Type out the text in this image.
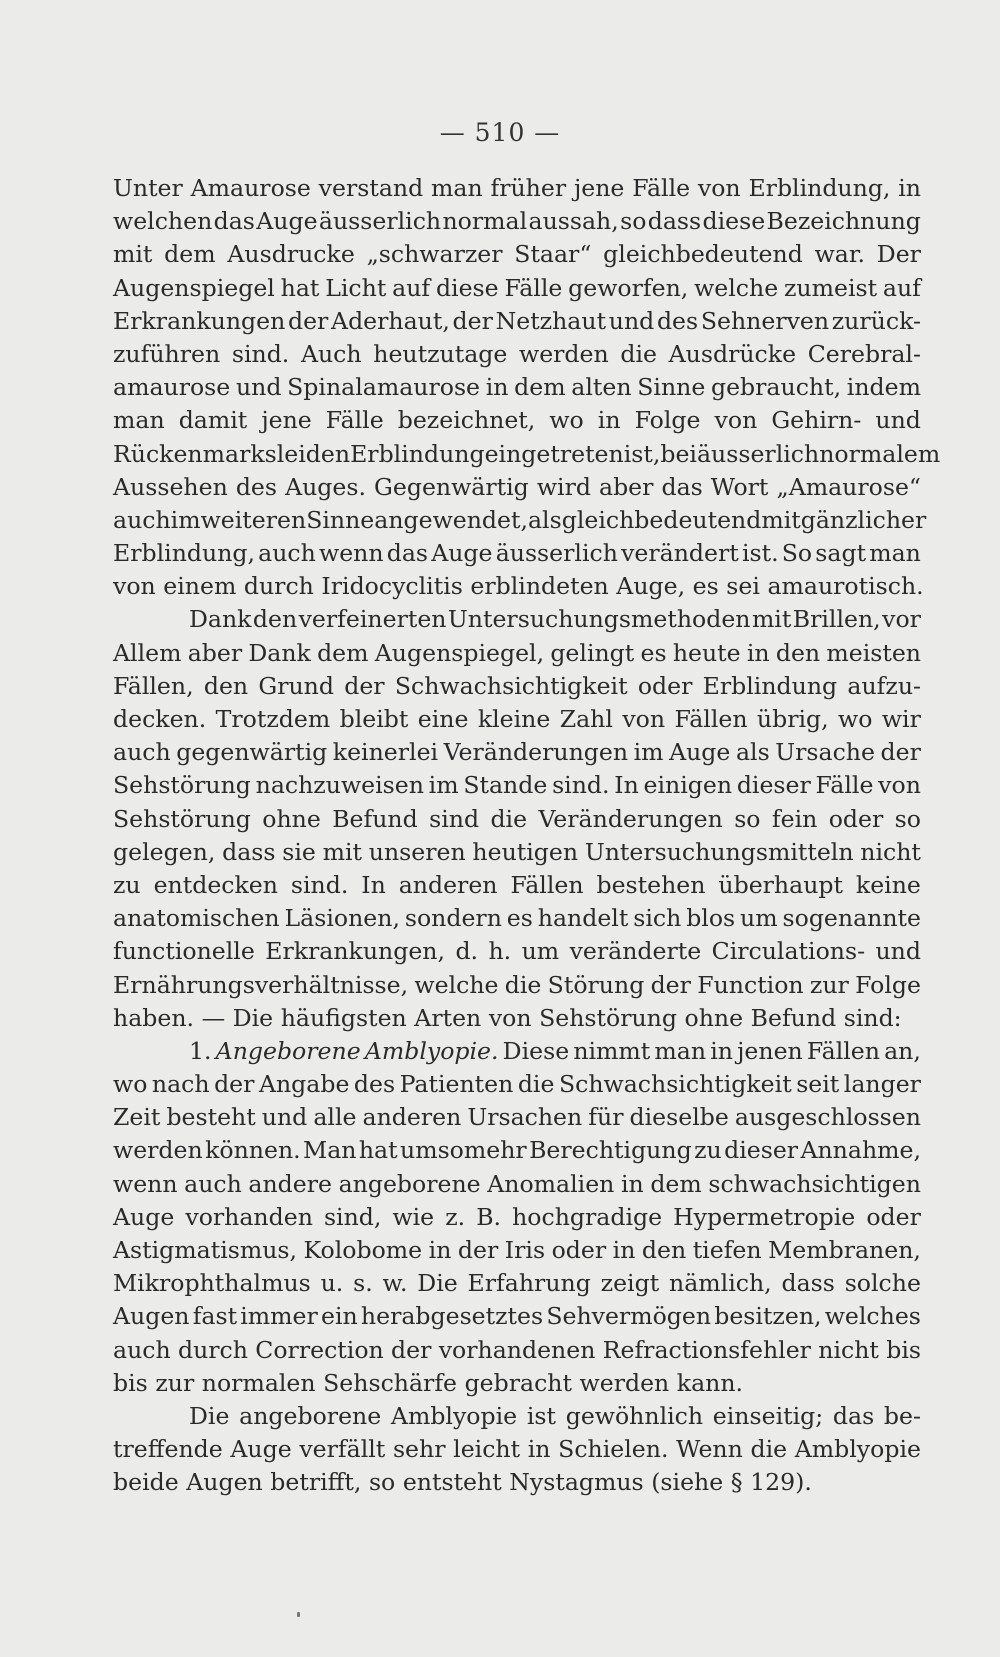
— 510 —
Unter Amaurose verstand man früher jene Fälle von Erblindung, in
welchen das Auge äusserlich normal aussah, so dass diese Bezeichnung
mit dem Ausdrucke „schwarzer Staar“ gleichbedeutend war. Der
Augenspiegel hat Licht auf diese Fälle geworfen, welche zumeist auf
Erkrankungen der Aderhaut, der Netzhaut und des Sehnerven zurück-
zuführen sind. Auch heutzutage werden die Ausdrücke Cerebral-
amaurose und Spinalamaurose in dem alten Sinne gebraucht, indem
man damit jene Fälle bezeichnet, wo in Folge von Gehirn- und
Rückenmarksleiden Erblindung eingetreten ist, bei äusserlich normalem
Aussehen des Auges. Gegenwärtig wird aber das Wort „Amaurose“
auch im weiteren Sinne angewendet, als gleichbedeutend mit gänzlicher
Erblindung, auch wenn das Auge äusserlich verändert ist. So sagt man
von einem durch Iridocyclitis erblindeten Auge, es sei amaurotisch.
Dank den verfeinerten Untersuchungsmethoden mit Brillen, vor
Allem aber Dank dem Augenspiegel, gelingt es heute in den meisten
Fällen, den Grund der Schwachsichtigkeit oder Erblindung aufzu-
decken. Trotzdem bleibt eine kleine Zahl von Fällen übrig, wo wir
auch gegenwärtig keinerlei Veränderungen im Auge als Ursache der
Sehstörung nachzuweisen im Stande sind. In einigen dieser Fälle von
Sehstörung ohne Befund sind die Veränderungen so fein oder so
gelegen, dass sie mit unseren heutigen Untersuchungsmitteln nicht
zu entdecken sind. In anderen Fällen bestehen überhaupt keine
anatomischen Läsionen, sondern es handelt sich blos um sogenannte
functionelle Erkrankungen, d. h. um veränderte Circulations- und
Ernährungsverhältnisse, welche die Störung der Function zur Folge
haben. — Die häufigsten Arten von Sehstörung ohne Befund sind:
1. Angeborene Amblyopie. Diese nimmt man in jenen Fällen an,
wo nach der Angabe des Patienten die Schwachsichtigkeit seit langer
Zeit besteht und alle anderen Ursachen für dieselbe ausgeschlossen
werden können. Man hat umsomehr Berechtigung zu dieser Annahme,
wenn auch andere angeborene Anomalien in dem schwachsichtigen
Auge vorhanden sind, wie z. B. hochgradige Hypermetropie oder
Astigmatismus, Kolobome in der Iris oder in den tiefen Membranen,
Mikrophthalmus u. s. w. Die Erfahrung zeigt nämlich, dass solche
Augen fast immer ein herabgesetztes Sehvermögen besitzen, welches
auch durch Correction der vorhandenen Refractionsfehler nicht bis
bis zur normalen Sehschärfe gebracht werden kann.
Die angeborene Amblyopie ist gewöhnlich einseitig; das be-
treffende Auge verfällt sehr leicht in Schielen. Wenn die Amblyopie
beide Augen betrifft, so entsteht Nystagmus (siehe § 129).
